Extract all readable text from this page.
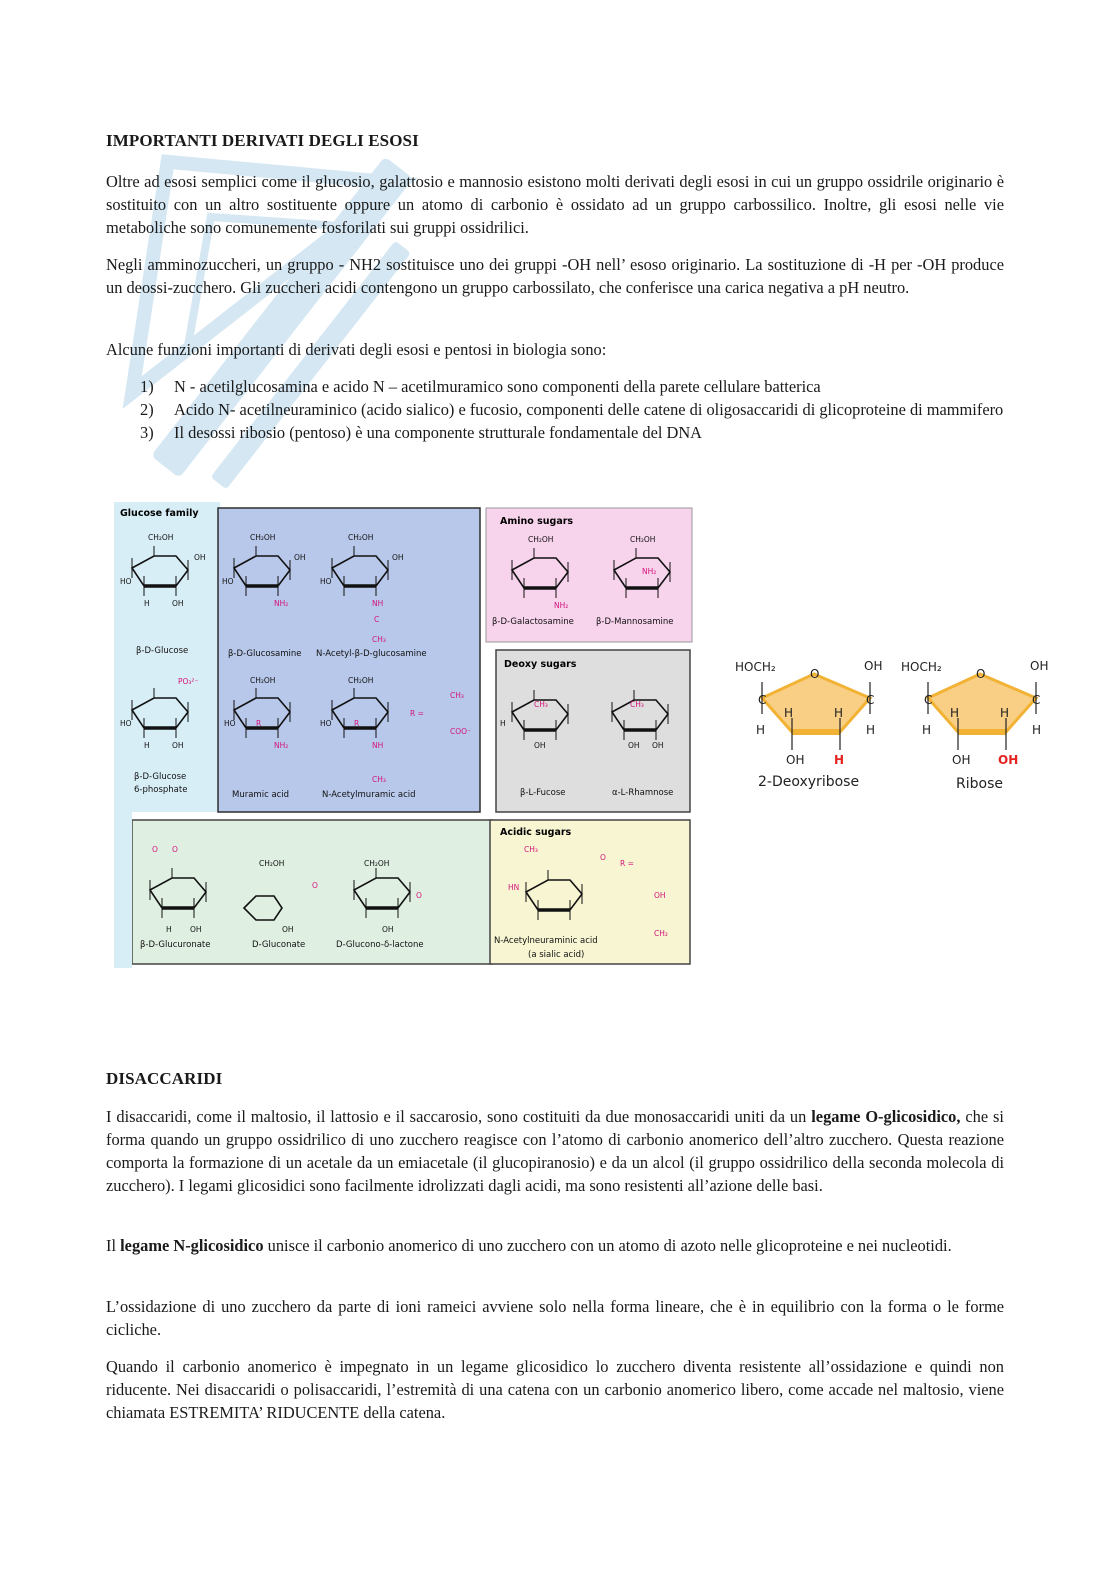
IMPORTANTI DERIVATI DEGLI ESOSI

Oltre ad esosi semplici come il glucosio, galattosio e mannosio esistono molti derivati degli esosi in cui un gruppo ossidrile originario è sostituito con un altro sostituente oppure un atomo di carbonio è ossidato ad un gruppo carbossilico. Inoltre, gli esosi nelle vie metaboliche sono comunemente fosforilati sui gruppi ossidrilici.

Negli amminozuccheri, un gruppo - NH2 sostituisce uno dei gruppi -OH nell’ esoso originario. La sostituzione di -H per -OH produce un deossi-zucchero. Gli zuccheri acidi contengono un gruppo carbossilato, che conferisce una carica negativa a pH neutro.

Alcune funzioni importanti di derivati degli esosi e pentosi in biologia sono:

1) N - acetilglucosamina e acido N – acetilmuramico sono componenti della parete cellulare batterica
2) Acido N- acetilneuraminico (acido sialico) e fucosio, componenti delle catene di oligosaccaridi di glicoproteine di mammifero
3) Il desossi ribosio (pentoso) è una componente strutturale fondamentale del DNA
DISACCARIDI

I disaccaridi, come il maltosio, il lattosio e il saccarosio, sono costituiti da due monosaccaridi uniti da un legame O-glicosidico, che si forma quando un gruppo ossidrilico di uno zucchero reagisce con l’atomo di carbonio anomerico dell’altro zucchero. Questa reazione comporta la formazione di un acetale da un emiacetale (il glucopiranosio) e da un alcol (il gruppo ossidrilico della seconda molecola di zucchero). I legami glicosidici sono facilmente idrolizzati dagli acidi, ma sono resistenti all’azione delle basi.

Il legame N-glicosidico unisce il carbonio anomerico di uno zucchero con un atomo di azoto nelle glicoproteine e nei nucleotidi.

L’ossidazione di uno zucchero da parte di ioni rameici avviene solo nella forma lineare, che è in equilibrio con la forma o le forme cicliche.

Quando il carbonio anomerico è impegnato in un legame glicosidico lo zucchero diventa resistente all’ossidazione e quindi non riducente. Nei disaccaridi o polisaccaridi, l’estremità di una catena con un carbonio anomerico libero, come accade nel maltosio, viene chiamata ESTREMITA’ RIDUCENTE della catena.

Glucose family
Amino sugars
Deoxy sugars
Acidic sugars
CH₂OH	CH₂OH	CH₂OH	CH₂OH	CH₂OH
CH₂OH	CH₂OH
CH₂OH	CH₂OH
HO
HO
HO	HO
HO	HO
OH	OH	OH
H	OH
H	OH
H
OH	OH OH
H OH	OH	OH
NH₂	NH
C
CH₃
NH₂
NH₂
NH₂	NH
CH₃
R	R
R =
CH₃
COO⁻
PO₃²⁻
CH₃	CH₃
O O
O
O
CH₃
HN
O
R =
CH₂
OH
β-D-Glucose
β-D-Glucose
6-phosphate
β-D-Glucosamine N-Acetyl-β-D-glucosamine
Muramic acid	N-Acetylmuramic acid
β-D-Galactosamine	β-D-Mannosamine
β-L-Fucose	α-L-Rhamnose
β-D-Glucuronate	D-Gluconate	D-Glucono-δ-lactone	N-Acetylneuraminic acid
(a sialic acid)
HOCH₂	O
OH
C	C
H	H
H	H
OH H
2-Deoxyribose
HOCH₂	O
OH
C	C
H	H
H	H
OH OH
Ribose
